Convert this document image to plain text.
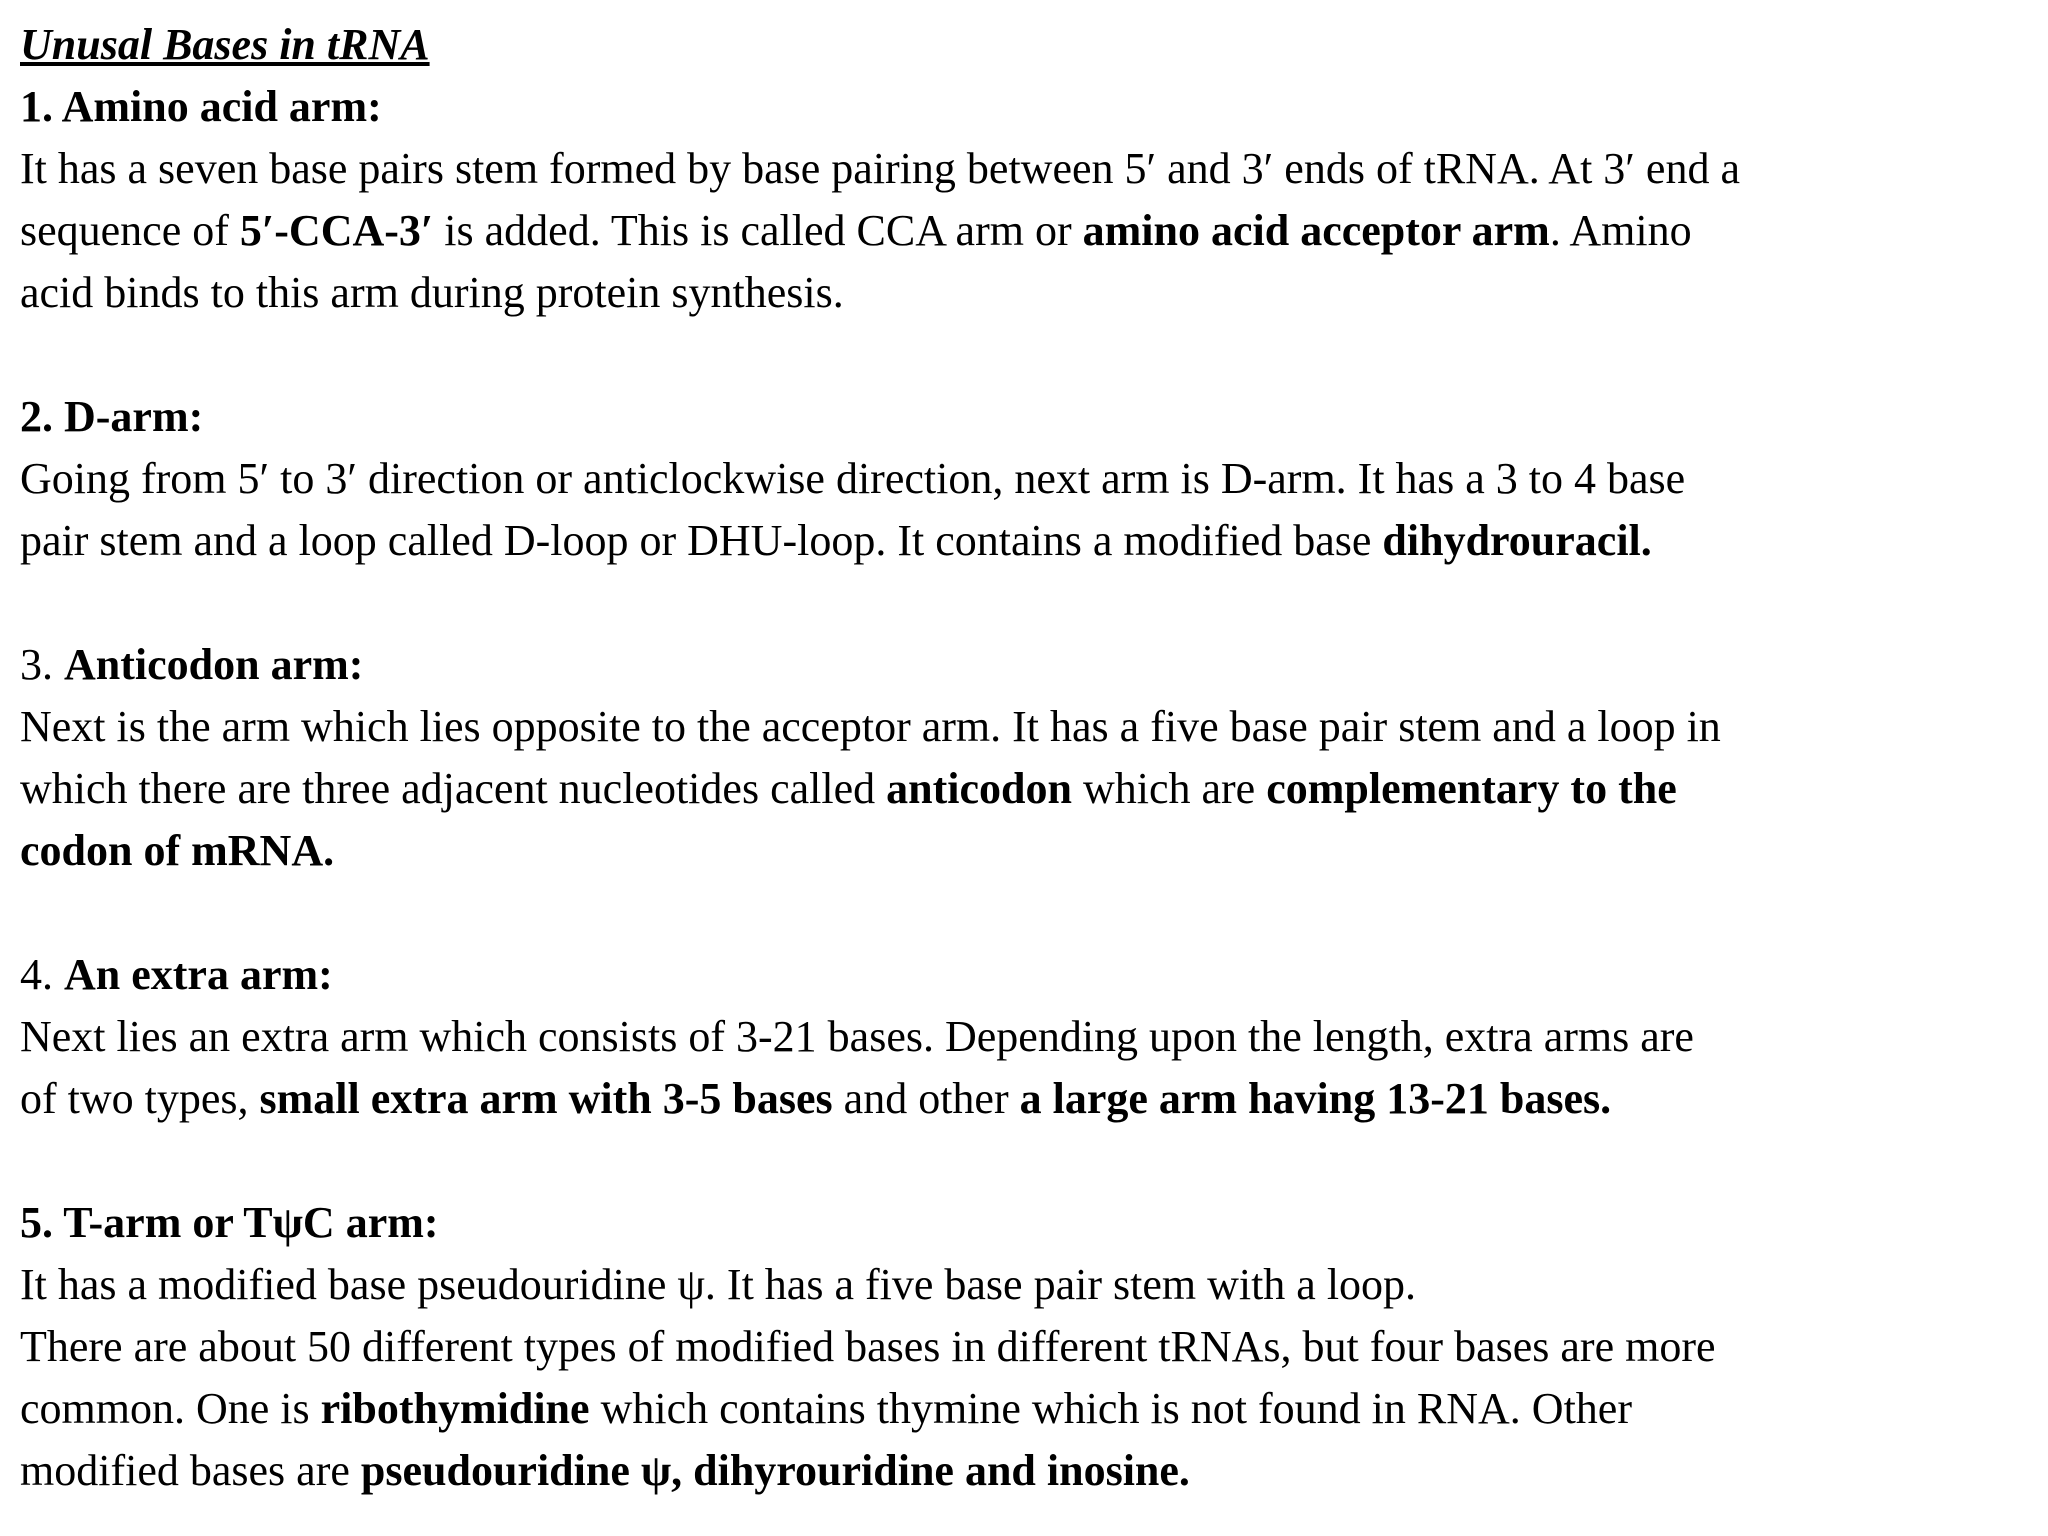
Unusal Bases in tRNA
1. Amino acid arm:
It has a seven base pairs stem formed by base pairing between 5′ and 3′ ends of tRNA. At 3′ end a
sequence of 5′-CCA-3′ is added. This is called CCA arm or amino acid acceptor arm. Amino
acid binds to this arm during protein synthesis.
2. D-arm:
Going from 5′ to 3′ direction or anticlockwise direction, next arm is D-arm. It has a 3 to 4 base
pair stem and a loop called D-loop or DHU-loop. It contains a modified base dihydrouracil.
3. Anticodon arm:
Next is the arm which lies opposite to the acceptor arm. It has a five base pair stem and a loop in
which there are three adjacent nucleotides called anticodon which are complementary to the
codon of mRNA.
4. An extra arm:
Next lies an extra arm which consists of 3-21 bases. Depending upon the length, extra arms are
of two types, small extra arm with 3-5 bases and other a large arm having 13-21 bases.
5. T-arm or TψC arm:
It has a modified base pseudouridine ψ. It has a five base pair stem with a loop.
There are about 50 different types of modified bases in different tRNAs, but four bases are more
common. One is ribothymidine which contains thymine which is not found in RNA. Other
modified bases are pseudouridine ψ, dihyrouridine and inosine.
